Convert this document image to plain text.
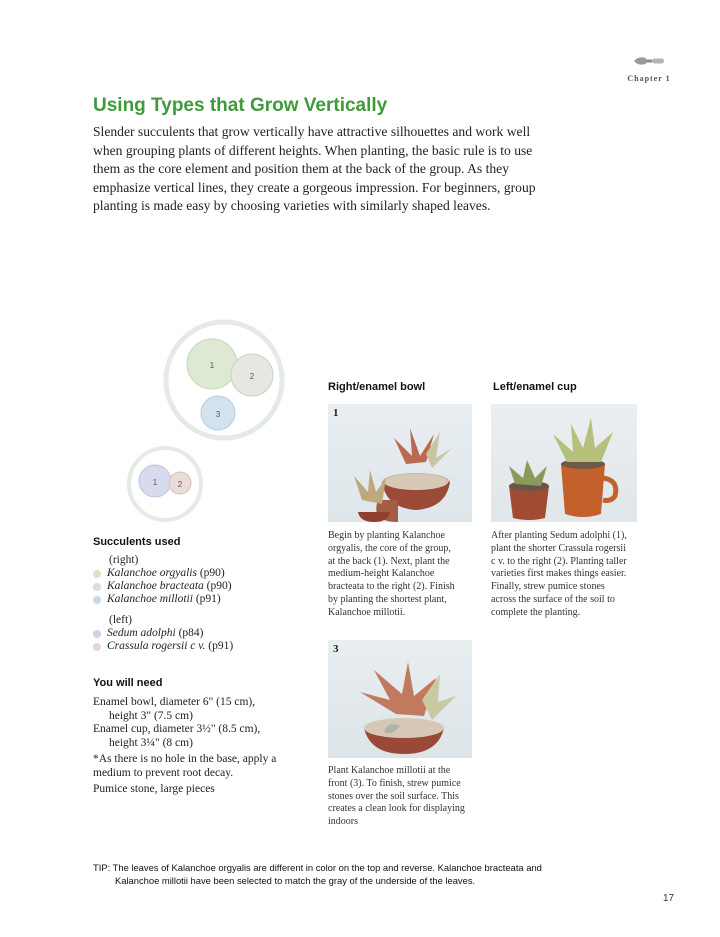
Chapter 1
Using Types that Grow Vertically

Slender succulents that grow vertically have attractive silhouettes and work well when grouping plants of different heights. When planting, the basic rule is to use them as the core element and position them at the back of the group. As they emphasize vertical lines, they create a gorgeous impression. For beginners, group planting is made easy by choosing varieties with similarly shaped leaves.

1
2
3
1	2
Succulents used
(right)
Kalanchoe orgyalis (p90)
Kalanchoe bracteata (p90)
Kalanchoe millotii (p91)
(left)
Sedum adolphi (p84)
Crassula rogersii c v. (p91)
You will need
Enamel bowl, diameter 6" (15 cm),
height 3" (7.5 cm)
Enamel cup, diameter 3½" (8.5 cm),
height 3¼" (8 cm)
*As there is no hole in the base, apply a
medium to prevent root decay.
Pumice stone, large pieces
Right/enamel bowl
1
Begin by planting Kalanchoe
orgyalis, the core of the group,
at the back (1). Next, plant the
medium-height Kalanchoe
bracteata to the right (2). Finish
by planting the shortest plant,
Kalanchoe millotii.
3
Plant Kalanchoe millotii at the
front (3). To finish, strew pumice
stones over the soil surface. This
creates a clean look for displaying
indoors
Left/enamel cup
After planting Sedum adolphi (1),
plant the shorter Crassula rogersii
c v. to the right (2). Planting taller
varieties first makes things easier.
Finally, strew pumice stones
across the surface of the soil to
complete the planting.
TIP: The leaves of Kalanchoe orgyalis are different in color on the top and reverse. Kalanchoe bracteata and
Kalanchoe millotii have been selected to match the gray of the underside of the leaves.
17
